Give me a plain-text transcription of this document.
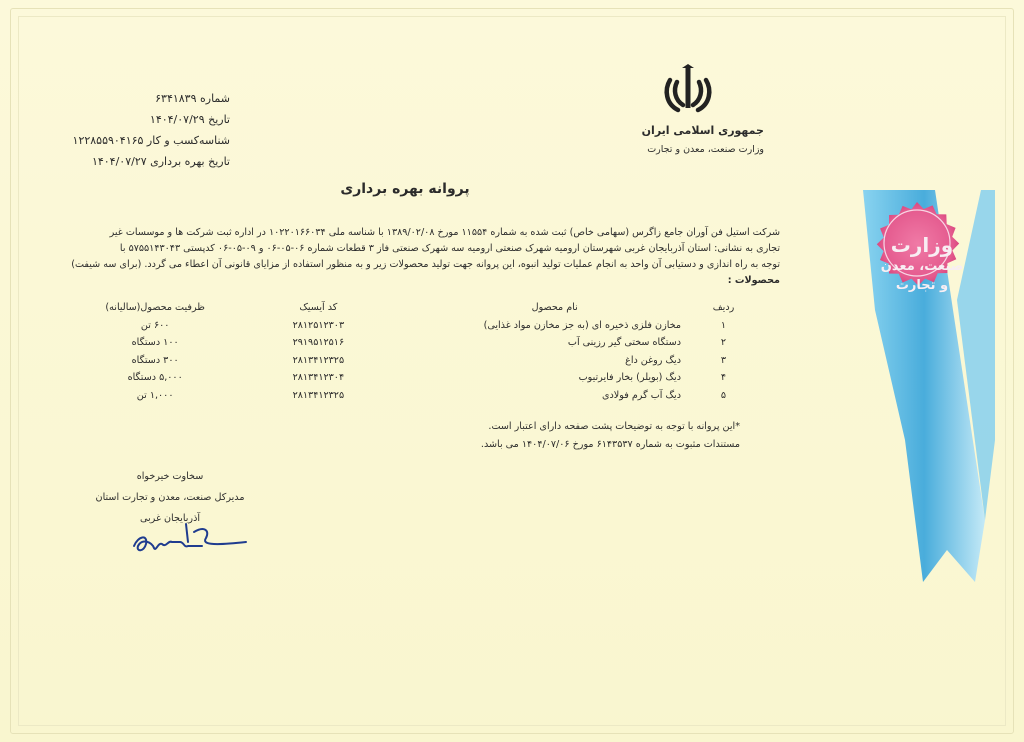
جمهوری اسلامی ایران
وزارت صنعت، معدن و تجارت
شماره ۶۳۴۱۸۳۹
تاریخ ۱۴۰۴/۰۷/۲۹
شناسه‌کسب و کار ۱۲۲۸۵۵۹۰۴۱۶۵
تاریخ بهره برداری ۱۴۰۴/۰۷/۲۷
پروانه بهره برداری

شرکت استیل فن آوران جامع زاگرس (سهامی خاص) ثبت شده به شماره ۱۱۵۵۴ مورخ ۱۳۸۹/۰۲/۰۸ با شناسه ملی ۱۰۲۲۰۱۶۶۰۳۴ در اداره ثبت شرکت ها و موسسات غیر

تجاری به نشانی: استان آذربایجان غربی شهرستان ارومیه شهرک صنعتی ارومیه سه شهرک صنعتی فاز ۳ قطعات شماره ۰۶-۰۵-۰۶ و ۰۹-۰۵-۰۶ کدپستی ۵۷۵۵۱۴۳۰۴۳ با

توجه به راه اندازی و دستیابی آن واحد به انجام عملیات تولید انبوه، این پروانه جهت تولید محصولات زیر و به منظور استفاده از مزایای قانونی آن اعطاء می گردد. (برای سه شیفت)

محصولات :

ردیف	نام محصول	کد آیسیک	ظرفیت محصول(سالیانه)
۱	مخازن فلزی ذخیره ای (به جز مخازن مواد غذایی)	۲۸۱۲۵۱۲۳۰۳	۶۰۰ تن
۲	دستگاه سختی گیر رزینی آب	۲۹۱۹۵۱۲۵۱۶	۱۰۰ دستگاه
۳	دیگ روغن داغ	۲۸۱۳۴۱۲۳۲۵	۳۰۰ دستگاه
۴	دیگ (بویلر) بخار فایرتیوب	۲۸۱۳۴۱۲۳۰۴	۵,۰۰۰ دستگاه
۵	دیگ آب گرم فولادی	۲۸۱۳۴۱۲۳۲۵	۱,۰۰۰ تن

*این پروانه با توجه به توضیحات پشت صفحه دارای اعتبار است.

مستندات مثبوت به شماره ۶۱۴۳۵۳۷ مورخ ۱۴۰۴/۰۷/۰۶ می باشد.

سخاوت خیرخواه
مدیرکل صنعت، معدن و تجارت استان آذربایجان غربی
وزارت
صنعت، معدن
و تجارت
